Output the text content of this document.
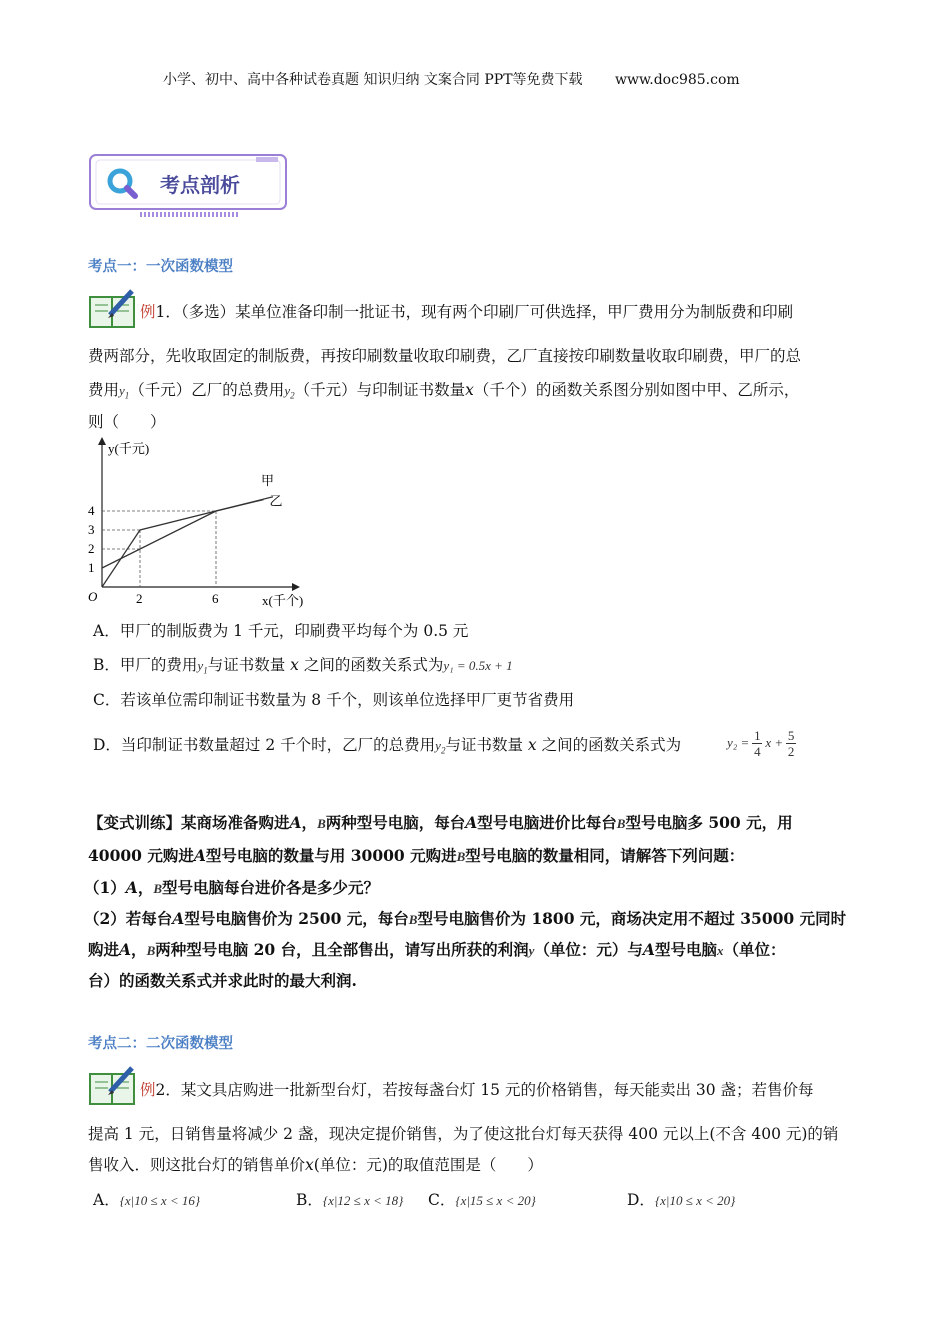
小学、初中、高中各种试卷真题 知识归纳 文案合同 PPT等免费下载 　　www.doc985.com
考点剖析
考点一：一次函数模型
例1．（多选）某单位准备印制一批证书，现有两个印刷厂可供选择，甲厂费用分为制版费和印刷
费两部分，先收取固定的制版费，再按印刷数量收取印刷费，乙厂直接按印刷数量收取印刷费，甲厂的总
费用$y_1$（千元）乙厂的总费用$y_2$（千元）与印制证书数量x（千个）的函数关系图分别如图中甲、乙所示，
则（　　）
y(千元)
x(千个)
O
1
2
3
4
2	6
甲
乙
A．甲厂的制版费为 1 千元，印刷费平均每个为 0.5 元
B．甲厂的费用$y_1$与证书数量 x 之间的函数关系式为y₁ = 0.5x + 1
C．若该单位需印制证书数量为 8 千个，则该单位选择甲厂更节省费用
D．当印制证书数量超过 2 千个时，乙厂的总费用$y_2$与证书数量 x 之间的函数关系式为	y₂ = 1
4
x + 5
2
【变式训练】某商场准备购进A，B两种型号电脑，每台A型号电脑进价比每台B型号电脑多 500 元，用
40000 元购进A型号电脑的数量与用 30000 元购进B型号电脑的数量相同，请解答下列问题：
（1）A，B型号电脑每台进价各是多少元？
（2）若每台A型号电脑售价为 2500 元，每台B型号电脑售价为 1800 元，商场决定用不超过 35000 元同时
购进A，B两种型号电脑 20 台，且全部售出，请写出所获的利润y（单位：元）与A型号电脑x（单位：
台）的函数关系式并求此时的最大利润.
考点二：二次函数模型
例2．某文具店购进一批新型台灯，若按每盏台灯 15 元的价格销售，每天能卖出 30 盏；若售价每
提高 1 元，日销售量将减少 2 盏，现决定提价销售，为了使这批台灯每天获得 400 元以上(不含 400 元)的销
售收入．则这批台灯的销售单价x(单位：元)的取值范围是（　　）
A．{x|10 ≤ x < 16}	B．{x|12 ≤ x < 18} C．{x|15 ≤ x < 20}	D．{x|10 ≤ x < 20}
